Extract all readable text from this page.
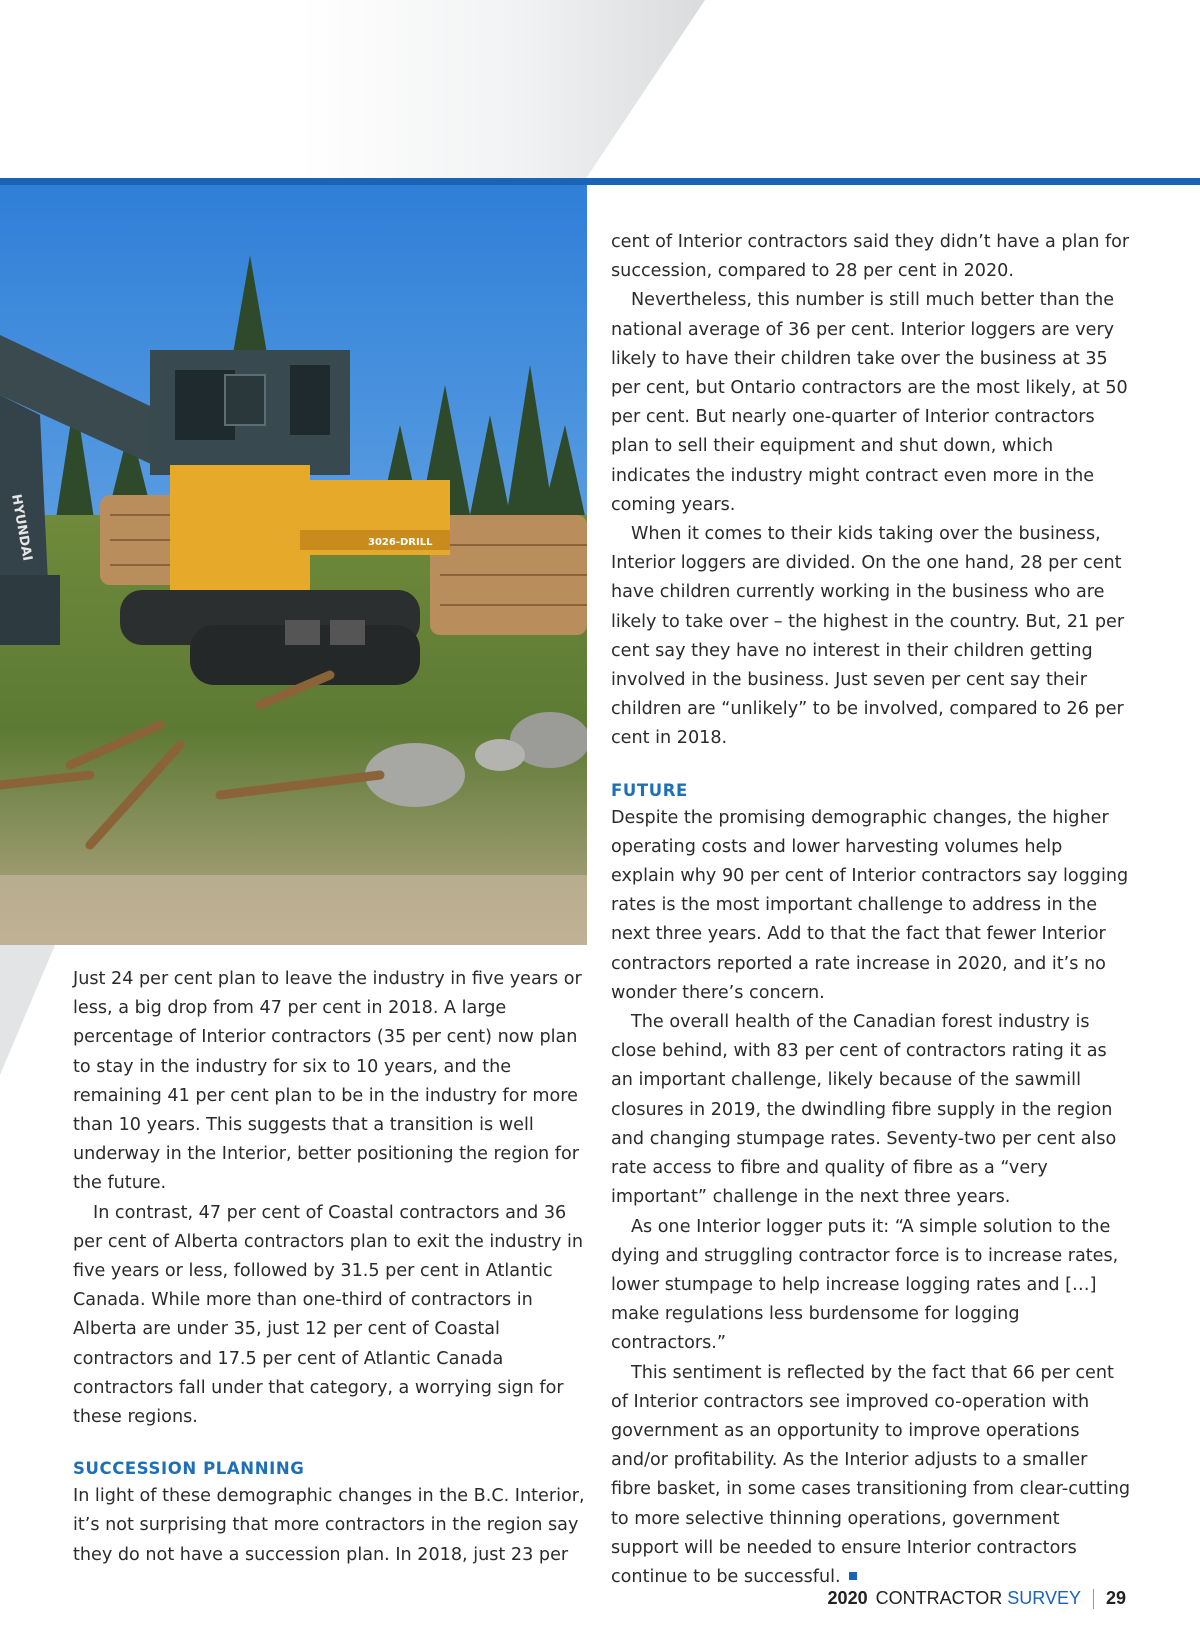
HYUNDAI	3026-DRILL

Just 24 per cent plan to leave the industry in five years or less, a big drop from 47 per cent in 2018. A large percentage of Interior contractors (35 per cent) now plan to stay in the industry for six to 10 years, and the remaining 41 per cent plan to be in the industry for more than 10 years. This suggests that a transition is well underway in the Interior, better positioning the region for the future.

In contrast, 47 per cent of Coastal contractors and 36 per cent of Alberta contractors plan to exit the industry in five years or less, followed by 31.5 per cent in Atlantic Canada. While more than one-third of contractors in Alberta are under 35, just 12 per cent of Coastal contractors and 17.5 per cent of Atlantic Canada contractors fall under that category, a worrying sign for these regions.

SUCCESSION PLANNING

In light of these demographic changes in the B.C. Interior, it’s not surprising that more contractors in the region say they do not have a succession plan. In 2018, just 23 per

cent of Interior contractors said they didn’t have a plan for succession, compared to 28 per cent in 2020.

Nevertheless, this number is still much better than the national average of 36 per cent. Interior loggers are very likely to have their children take over the business at 35 per cent, but Ontario contractors are the most likely, at 50 per cent. But nearly one-quarter of Interior contractors plan to sell their equipment and shut down, which indicates the industry might contract even more in the coming years.

When it comes to their kids taking over the business, Interior loggers are divided. On the one hand, 28 per cent have children currently working in the business who are likely to take over – the highest in the country. But, 21 per cent say they have no interest in their children getting involved in the business. Just seven per cent say their children are “unlikely” to be involved, compared to 26 per cent in 2018.

FUTURE

Despite the promising demographic changes, the higher operating costs and lower harvesting volumes help explain why 90 per cent of Interior contractors say logging rates is the most important challenge to address in the next three years. Add to that the fact that fewer Interior contractors reported a rate increase in 2020, and it’s no wonder there’s concern.

The overall health of the Canadian forest industry is close behind, with 83 per cent of contractors rating it as an important challenge, likely because of the sawmill closures in 2019, the dwindling fibre supply in the region and changing stumpage rates. Seventy-two per cent also rate access to fibre and quality of fibre as a “very important” challenge in the next three years.

As one Interior logger puts it: “A simple solution to the dying and struggling contractor force is to increase rates, lower stumpage to help increase logging rates and […] make regulations less burdensome for logging contractors.”

This sentiment is reflected by the fact that 66 per cent of Interior contractors see improved co-operation with government as an opportunity to improve operations and/or profitability. As the Interior adjusts to a smaller fibre basket, in some cases transitioning from clear-cutting to more selective thinning operations, government support will be needed to ensure Interior contractors continue to be successful.

2020 CONTRACTOR SURVEY 29
